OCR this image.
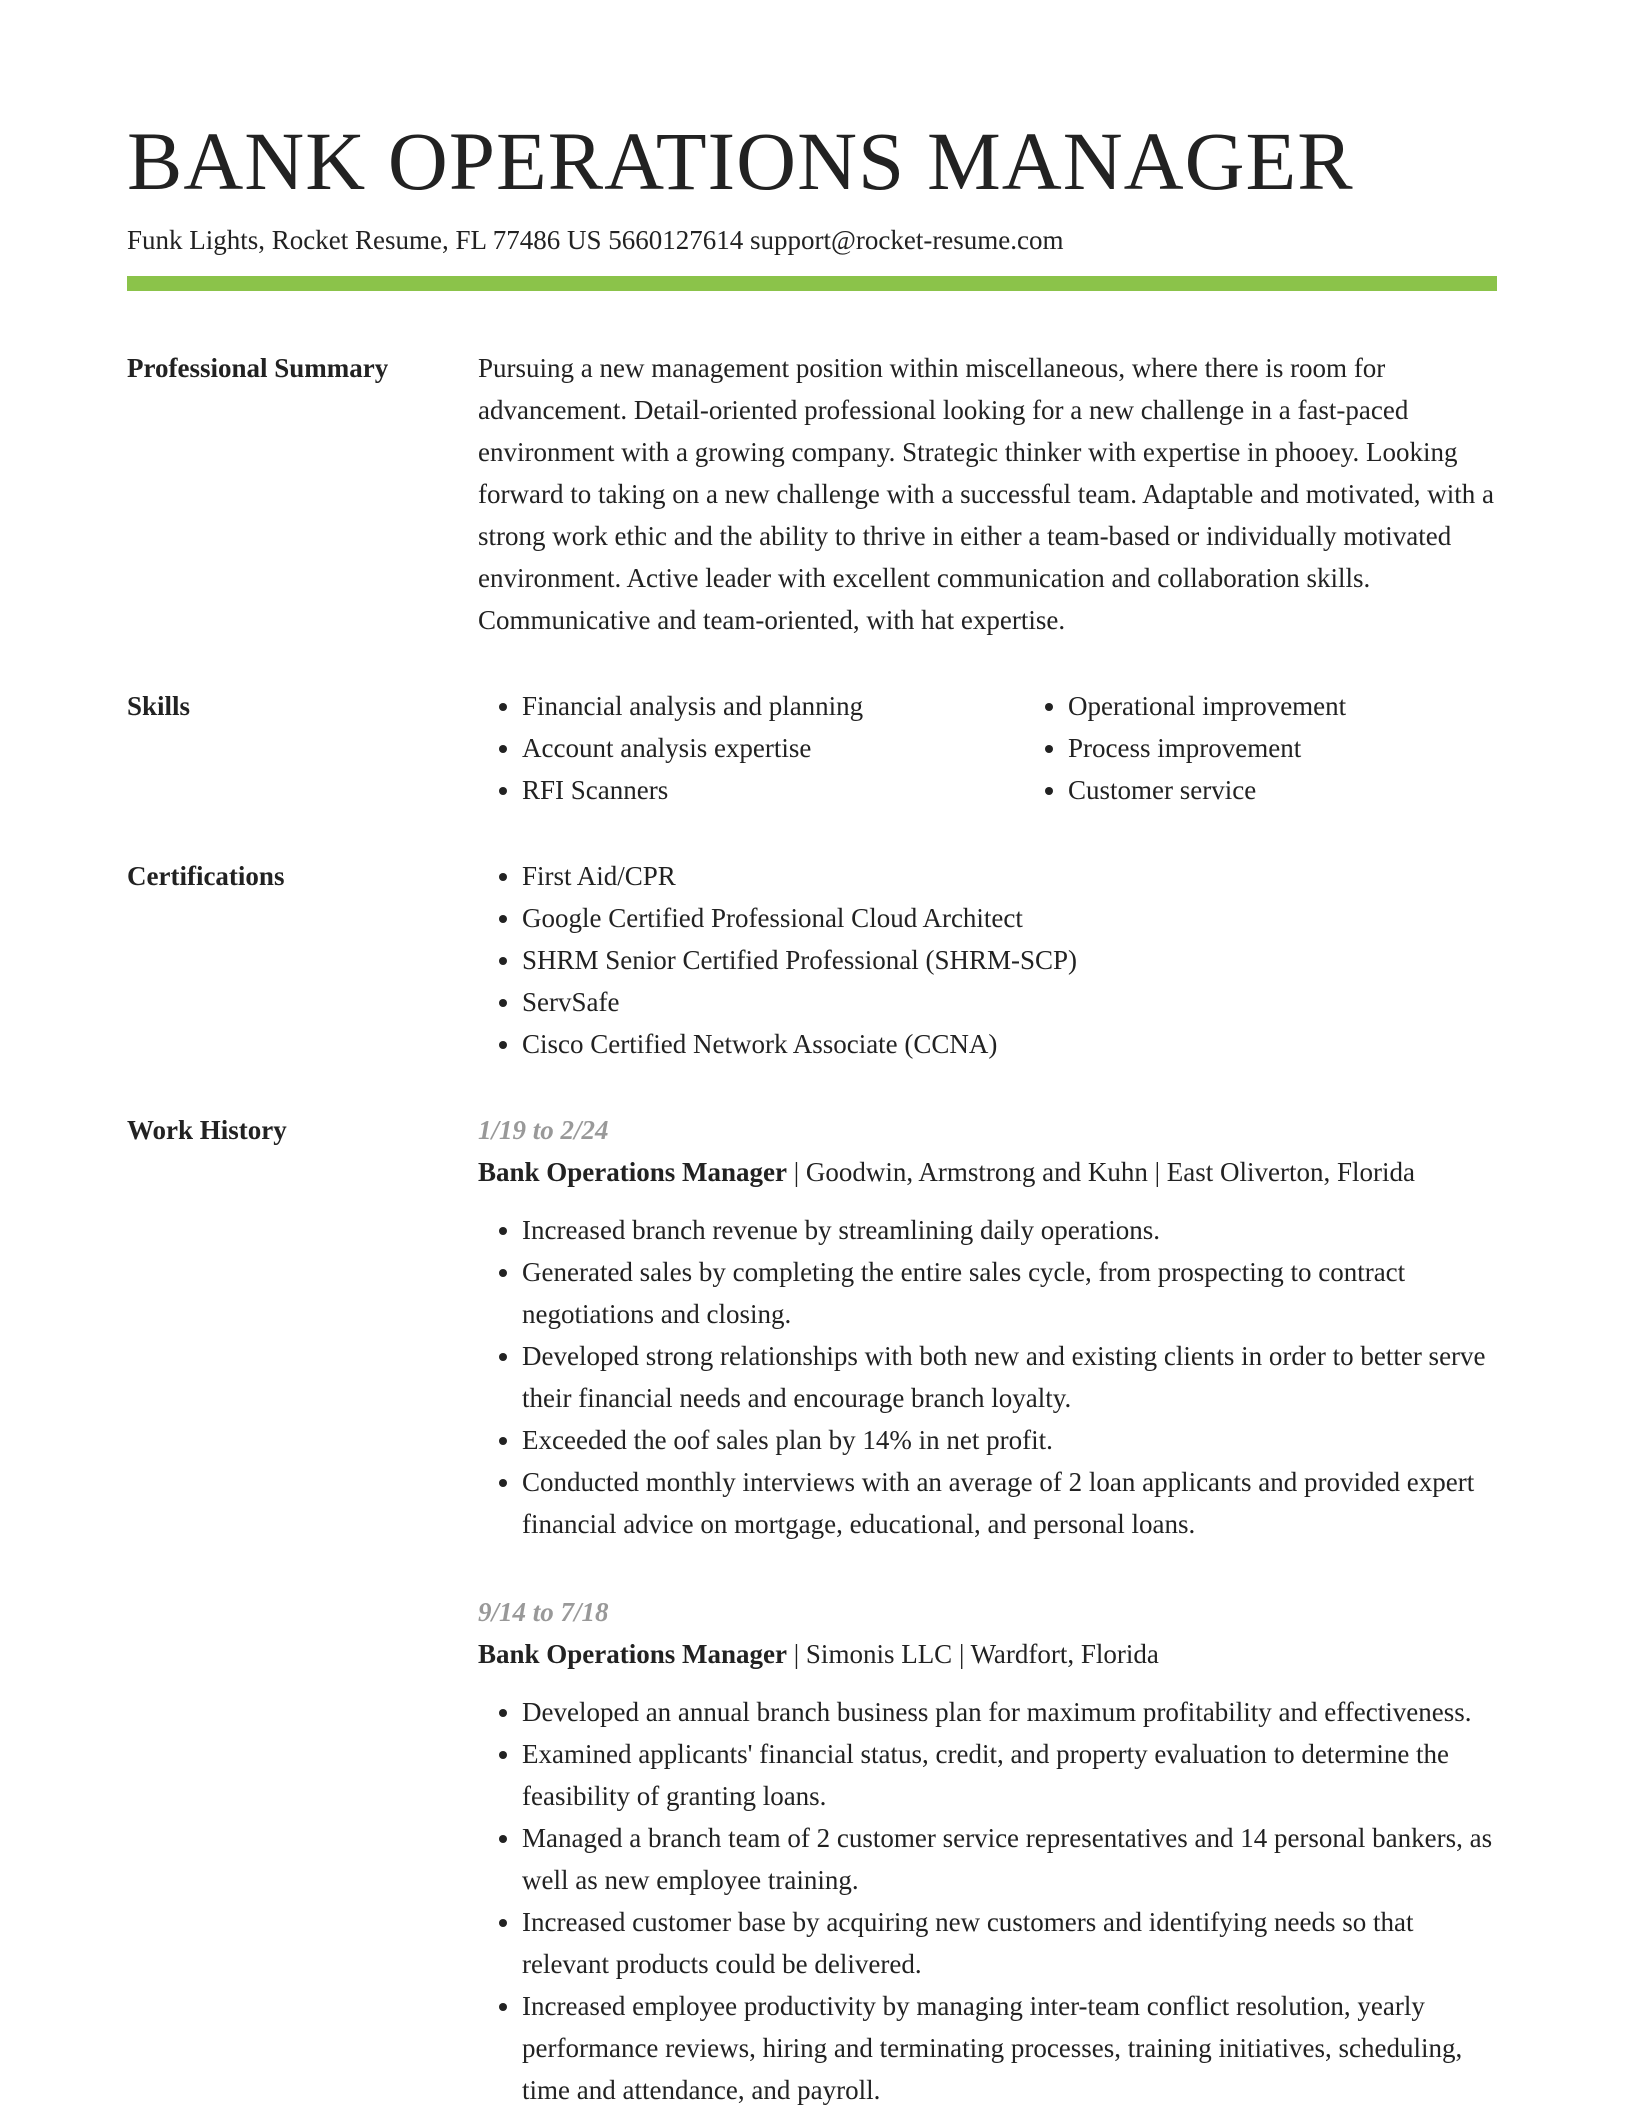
BANK OPERATIONS MANAGER
Funk Lights, Rocket Resume, FL 77486 US 5660127614 support@rocket-resume.com
Professional Summary	Pursuing a new management position within miscellaneous, where there is room for advancement. Detail-oriented professional looking for a new challenge in a fast-paced environment with a growing company. Strategic thinker with expertise in phooey. Looking forward to taking on a new challenge with a successful team. Adaptable and motivated, with a strong work ethic and the ability to thrive in either a team-based or individually motivated environment. Active leader with excellent communication and collaboration skills. Communicative and team-oriented, with hat expertise.

Skills	• Financial analysis and planning
• Account analysis expertise
• RFI Scanners
• Operational improvement
• Process improvement
• Customer service
Certifications	• First Aid/CPR
• Google Certified Professional Cloud Architect
• SHRM Senior Certified Professional (SHRM-SCP)
• ServSafe
• Cisco Certified Network Associate (CCNA)
Work History	1/19 to 2/24
Bank Operations Manager | Goodwin, Armstrong and Kuhn | East Oliverton, Florida
• Increased branch revenue by streamlining daily operations.
• Generated sales by completing the entire sales cycle, from prospecting to contract negotiations and closing.
• Developed strong relationships with both new and existing clients in order to better serve their financial needs and encourage branch loyalty.
• Exceeded the oof sales plan by 14% in net profit.
• Conducted monthly interviews with an average of 2 loan applicants and provided expert financial advice on mortgage, educational, and personal loans.
9/14 to 7/18
Bank Operations Manager | Simonis LLC | Wardfort, Florida
• Developed an annual branch business plan for maximum profitability and effectiveness.
• Examined applicants' financial status, credit, and property evaluation to determine the feasibility of granting loans.
• Managed a branch team of 2 customer service representatives and 14 personal bankers, as well as new employee training.
• Increased customer base by acquiring new customers and identifying needs so that relevant products could be delivered.
• Increased employee productivity by managing inter-team conflict resolution, yearly performance reviews, hiring and terminating processes, training initiatives, scheduling, time and attendance, and payroll.
